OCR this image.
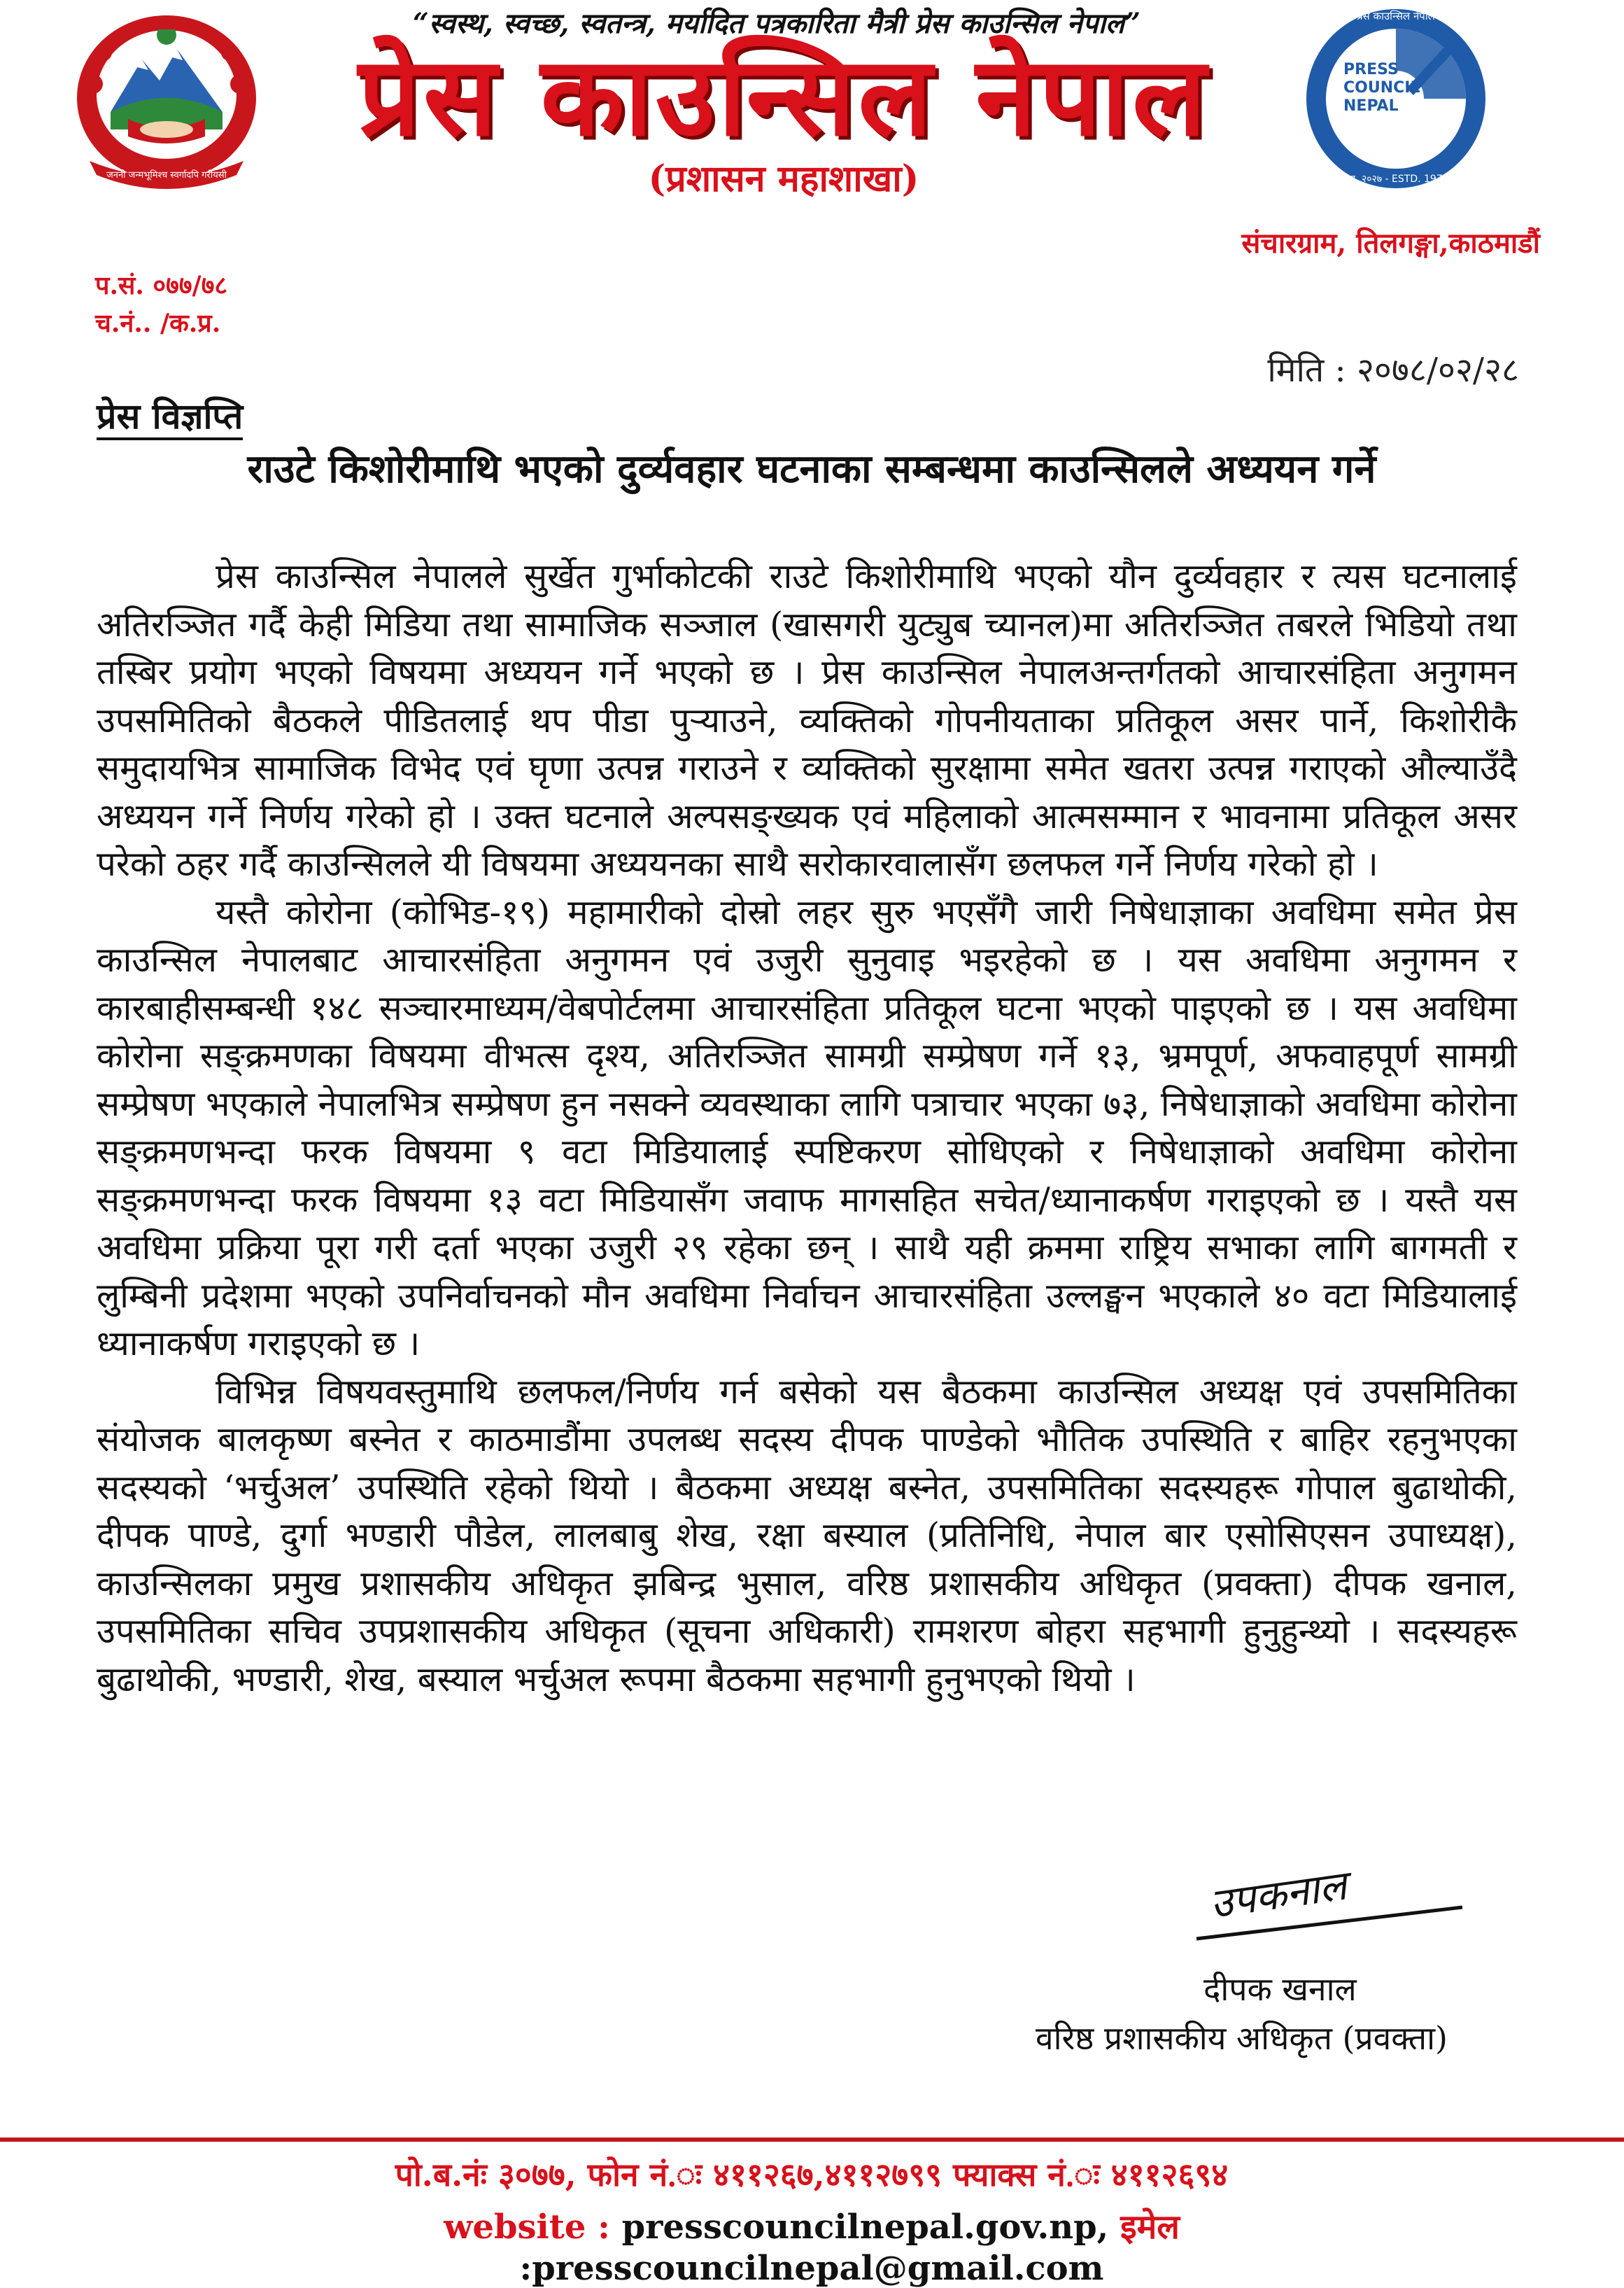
जननी जन्मभूमिश्च स्वर्गादपि गरीयसी
प्रेस काउन्सिल नेपाल
PRESS
COUNCIL
NEPAL
स्था. २०२७ - ESTD. 1970
“स्वस्थ, स्वच्छ, स्वतन्त्र, मर्यादित पत्रकारिता मैत्री प्रेस काउन्सिल नेपाल”
प्रेस काउन्सिल नेपाल
(प्रशासन महाशाखा)
संचारग्राम, तिलगङ्गा,काठमाडौं
प.सं. ०७७/७८
च.नं.. /क.प्र.
मिति : २०७८/०२/२८
प्रेस विज्ञप्ति
राउटे किशोरीमाथि भएको दुर्व्यवहार घटनाका सम्बन्धमा काउन्सिलले अध्ययन गर्ने

प्रेस काउन्सिल नेपालले सुर्खेत गुर्भाकोटकी राउटे किशोरीमाथि भएको यौन दुर्व्यवहार र त्यस घटनालाई अतिरञ्जित गर्दै केही मिडिया तथा सामाजिक सञ्जाल (खासगरी युट्युब च्यानल)मा अतिरञ्जित तबरले भिडियो तथा तस्बिर प्रयोग भएको विषयमा अध्ययन गर्ने भएको छ । प्रेस काउन्सिल नेपालअन्तर्गतको आचारसंहिता अनुगमन उपसमितिको बैठकले पीडितलाई थप पीडा पुऱ्याउने, व्यक्तिको गोपनीयताका प्रतिकूल असर पार्ने, किशोरीकै समुदायभित्र सामाजिक विभेद एवं घृणा उत्पन्न गराउने र व्यक्तिको सुरक्षामा समेत खतरा उत्पन्न गराएको औल्याउँदै अध्ययन गर्ने निर्णय गरेको हो । उक्त घटनाले अल्पसङ्ख्यक एवं महिलाको आत्मसम्मान र भावनामा प्रतिकूल असर परेको ठहर गर्दै काउन्सिलले यी विषयमा अध्ययनका साथै सरोकारवालासँग छलफल गर्ने निर्णय गरेको हो ।

यस्तै कोरोना (कोभिड-१९) महामारीको दोस्रो लहर सुरु भएसँगै जारी निषेधाज्ञाका अवधिमा समेत प्रेस काउन्सिल नेपालबाट आचारसंहिता अनुगमन एवं उजुरी सुनुवाइ भइरहेको छ । यस अवधिमा अनुगमन र कारबाहीसम्बन्धी १४८ सञ्चारमाध्यम/वेबपोर्टलमा आचारसंहिता प्रतिकूल घटना भएको पाइएको छ । यस अवधिमा कोरोना सङ्क्रमणका विषयमा वीभत्स दृश्य, अतिरञ्जित सामग्री सम्प्रेषण गर्ने १३, भ्रमपूर्ण, अफवाहपूर्ण सामग्री सम्प्रेषण भएकाले नेपालभित्र सम्प्रेषण हुन नसक्ने व्यवस्थाका लागि पत्राचार भएका ७३, निषेधाज्ञाको अवधिमा कोरोना सङ्क्रमणभन्दा फरक विषयमा ९ वटा मिडियालाई स्पष्टिकरण सोधिएको र निषेधाज्ञाको अवधिमा कोरोना सङ्क्रमणभन्दा फरक विषयमा १३ वटा मिडियासँग जवाफ मागसहित सचेत/ध्यानाकर्षण गराइएको छ । यस्तै यस अवधिमा प्रक्रिया पूरा गरी दर्ता भएका उजुरी २९ रहेका छन् । साथै यही क्रममा राष्ट्रिय सभाका लागि बागमती र लुम्बिनी प्रदेशमा भएको उपनिर्वाचनको मौन अवधिमा निर्वाचन आचारसंहिता उल्लङ्घन भएकाले ४० वटा मिडियालाई ध्यानाकर्षण गराइएको छ ।

विभिन्न विषयवस्तुमाथि छलफल/निर्णय गर्न बसेको यस बैठकमा काउन्सिल अध्यक्ष एवं उपसमितिका संयोजक बालकृष्ण बस्नेत र काठमाडौंमा उपलब्ध सदस्य दीपक पाण्डेको भौतिक उपस्थिति र बाहिर रहनुभएका सदस्यको ‘भर्चुअल’ उपस्थिति रहेको थियो । बैठकमा अध्यक्ष बस्नेत, उपसमितिका सदस्यहरू गोपाल बुढाथोकी, दीपक पाण्डे, दुर्गा भण्डारी पौडेल, लालबाबु शेख, रक्षा बस्याल (प्रतिनिधि, नेपाल बार एसोसिएसन उपाध्यक्ष), काउन्सिलका प्रमुख प्रशासकीय अधिकृत झबिन्द्र भुसाल, वरिष्ठ प्रशासकीय अधिकृत (प्रवक्ता) दीपक खनाल, उपसमितिका सचिव उपप्रशासकीय अधिकृत (सूचना अधिकारी) रामशरण बोहरा सहभागी हुनुहुन्थ्यो । सदस्यहरू बुढाथोकी, भण्डारी, शेख, बस्याल भर्चुअल रूपमा बैठकमा सहभागी हुनुभएको थियो ।

उपकनाल
दीपक खनाल
वरिष्ठ प्रशासकीय अधिकृत (प्रवक्ता)
पो.ब.नंः ३०७७, फोन नं.ः ४११२६७,४११२७९९ फ्याक्स नं.ः ४११२६९४
website : presscouncilnepal.gov.np, इमेल :presscouncilnepal@gmail.com
